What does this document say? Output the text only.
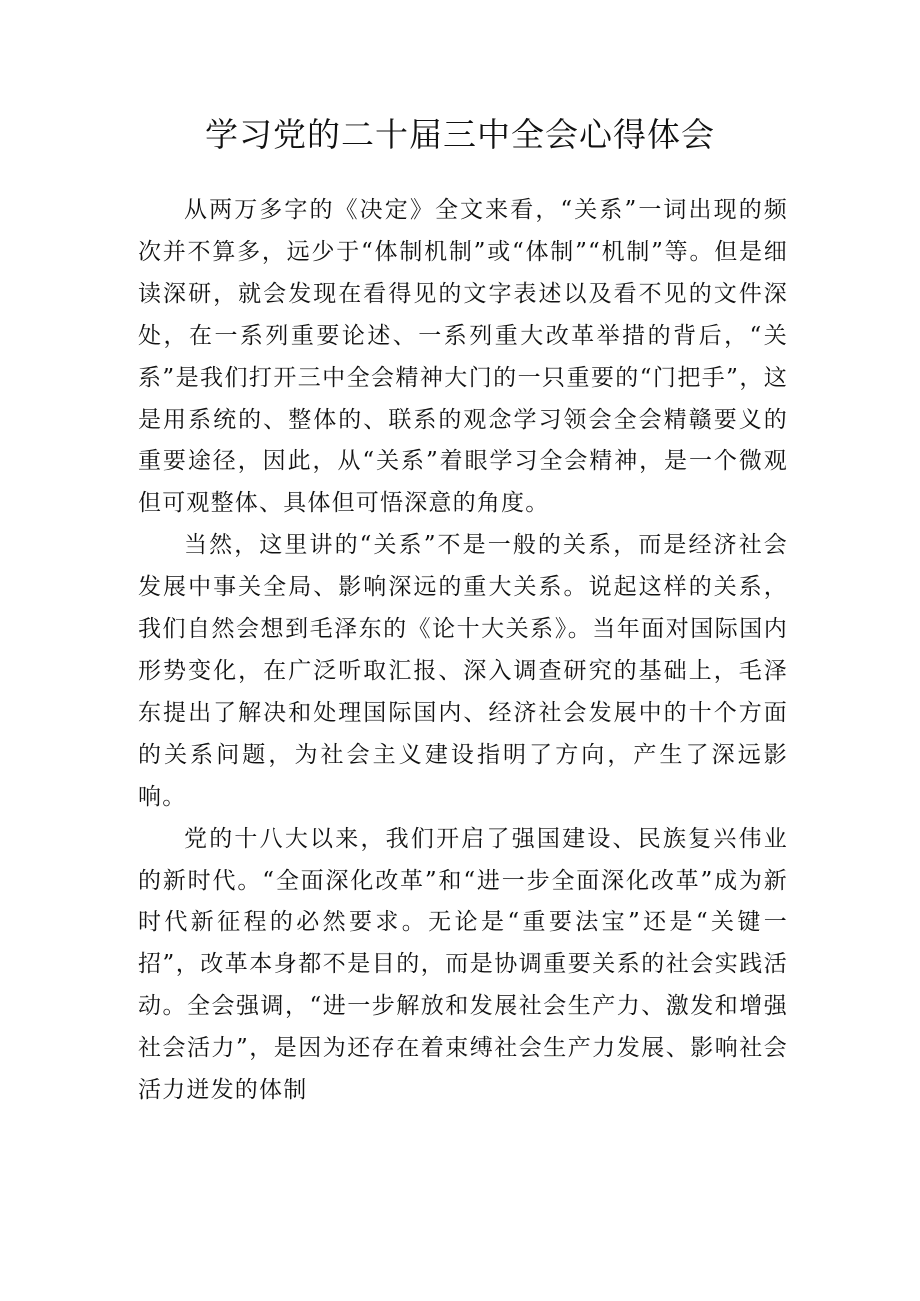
学习党的二十届三中全会心得体会

从两万多字的《决定》全文来看，“关系”一词出现的频次并不算多，远少于“体制机制”或“体制”“机制”等。但是细读深研，就会发现在看得见的文字表述以及看不见的文件深处，在一系列重要论述、一系列重大改革举措的背后，“关系”是我们打开三中全会精神大门的一只重要的“门把手”，这是用系统的、整体的、联系的观念学习领会全会精赣要义的重要途径，因此，从“关系”着眼学习全会精神，是一个微观但可观整体、具体但可悟深意的角度。

当然，这里讲的“关系”不是一般的关系，而是经济社会发展中事关全局、影响深远的重大关系。说起这样的关系，我们自然会想到毛泽东的《论十大关系》。当年面对国际国内形势变化，在广泛听取汇报、深入调查研究的基础上，毛泽东提出了解决和处理国际国内、经济社会发展中的十个方面的关系问题，为社会主义建设指明了方向，产生了深远影响。

党的十八大以来，我们开启了强国建设、民族复兴伟业的新时代。“全面深化改革”和“进一步全面深化改革”成为新时代新征程的必然要求。无论是“重要法宝”还是“关键一招”，改革本身都不是目的，而是协调重要关系的社会实践活动。全会强调，“进一步解放和发展社会生产力、激发和增强社会活力”，是因为还存在着束缚社会生产力发展、影响社会活力迸发的体制
